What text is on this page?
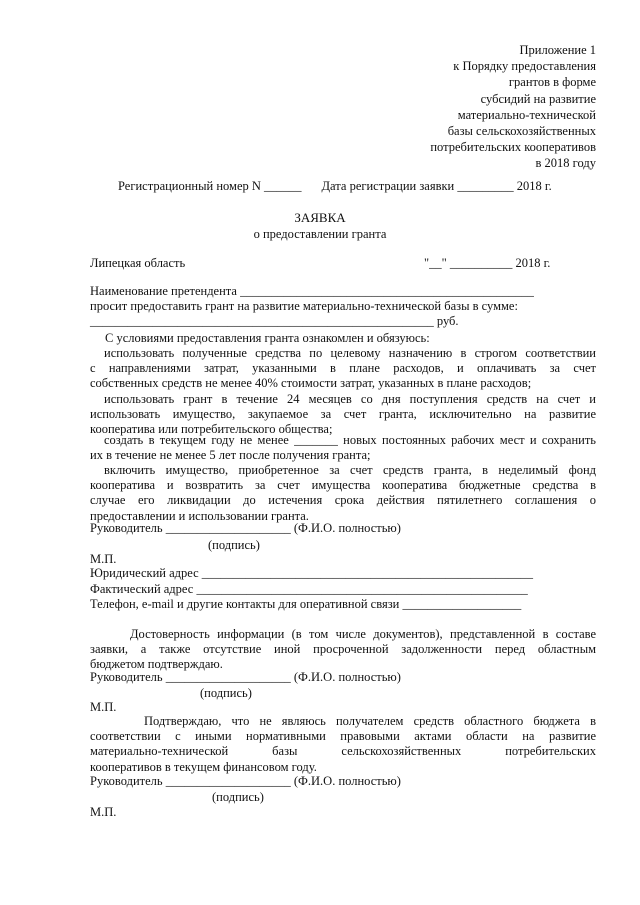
Приложение 1
к Порядку предоставления
грантов в форме
субсидий на развитие
материально-технической
базы сельскохозяйственных
потребительских кооперативов
в 2018 году
Регистрационный номер N ______ Дата регистрации заявки _________ 2018 г.
ЗАЯВКА
о предоставлении гранта
Липецкая область	"__" __________ 2018 г.
Наименование претендента _______________________________________________
просит предоставить грант на развитие материально-технической базы в сумме:
_______________________________________________________ руб.
С условиями предоставления гранта ознакомлен и обязуюсь:
использовать полученные средства по целевому назначению в строгом соответствии
с направлениями затрат, указанными в плане расходов, и оплачивать за счет
собственных средств не менее 40% стоимости затрат, указанных в плане расходов;
использовать грант в течение 24 месяцев со дня поступления средств на счет и
использовать имущество, закупаемое за счет гранта, исключительно на развитие
кооператива или потребительского общества;
создать в текущем году не менее _______ новых постоянных рабочих мест и сохранить
их в течение не менее 5 лет после получения гранта;
включить имущество, приобретенное за счет средств гранта, в неделимый фонд
кооператива и возвратить за счет имущества кооператива бюджетные средства в
случае его ликвидации до истечения срока действия пятилетнего соглашения о
предоставлении и использовании гранта.
Руководитель ____________________ (Ф.И.О. полностью)
(подпись)
М.П.
Юридический адрес _____________________________________________________
Фактический адрес _____________________________________________________
Телефон, e-mail и другие контакты для оперативной связи ___________________
Достоверность информации (в том числе документов), представленной в составе
заявки, а также отсутствие иной просроченной задолженности перед областным
бюджетом подтверждаю.
Руководитель ____________________ (Ф.И.О. полностью)
(подпись)
М.П.
Подтверждаю, что не являюсь получателем средств областного бюджета в
соответствии с иными нормативными правовыми актами области на развитие
материально-технической базы сельскохозяйственных потребительских
кооперативов в текущем финансовом году.
Руководитель ____________________ (Ф.И.О. полностью)
(подпись)
М.П.
